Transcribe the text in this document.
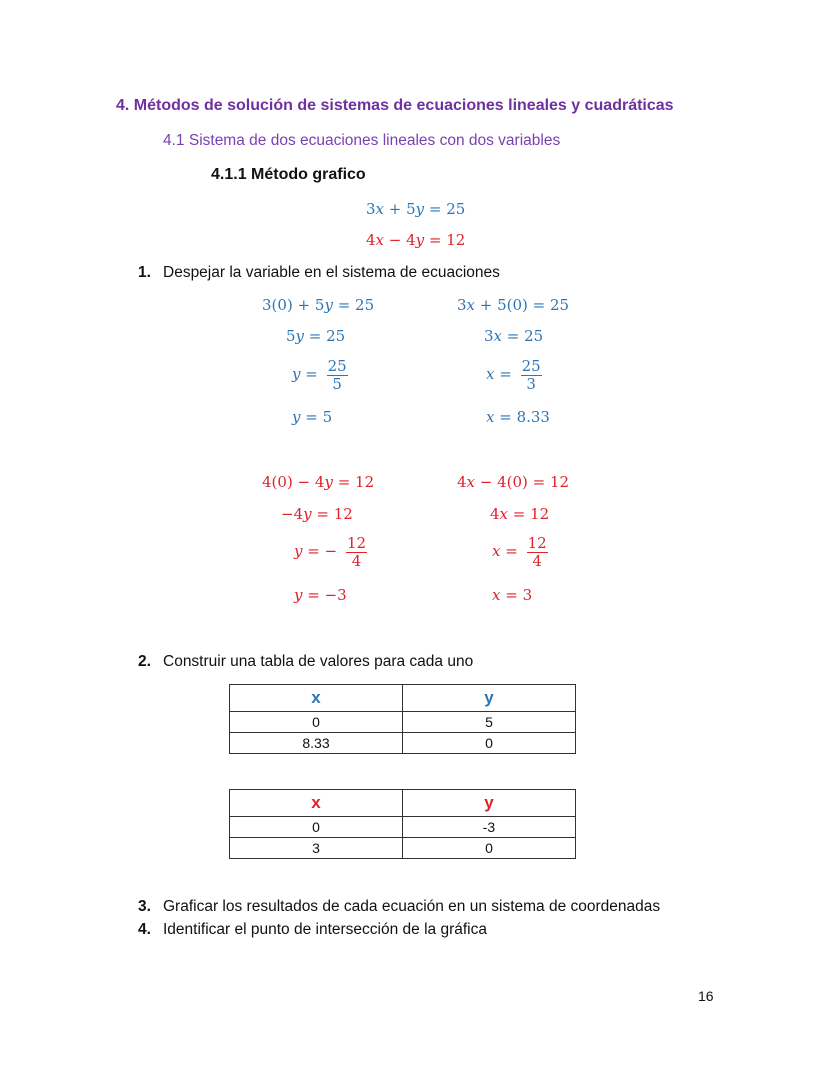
4. Métodos de solución de sistemas de ecuaciones lineales y cuadráticas
4.1 Sistema de dos ecuaciones lineales con dos variables
4.1.1 Método grafico
3x + 5y = 25
4x − 4y = 12
1. Despejar la variable en el sistema de ecuaciones
3(0) + 5y = 25
5y = 25
$y = \frac{25}{5}$
y = 5
3x + 5(0) = 25
3x = 25
$x = \frac{25}{3}$
x = 8.33
4(0) − 4y = 12
−4y = 12
y = − $\frac{12}{4}$
y = −3
4x − 4(0) = 12
4x = 12
$x = \frac{12}{4}$
x = 3
2. Construir una tabla de valores para cada uno
x	y
0	5
8.33	0
x	y
0	-3
3	0
3. Graficar los resultados de cada ecuación en un sistema de coordenadas
4. Identificar el punto de intersección de la gráfica
16
